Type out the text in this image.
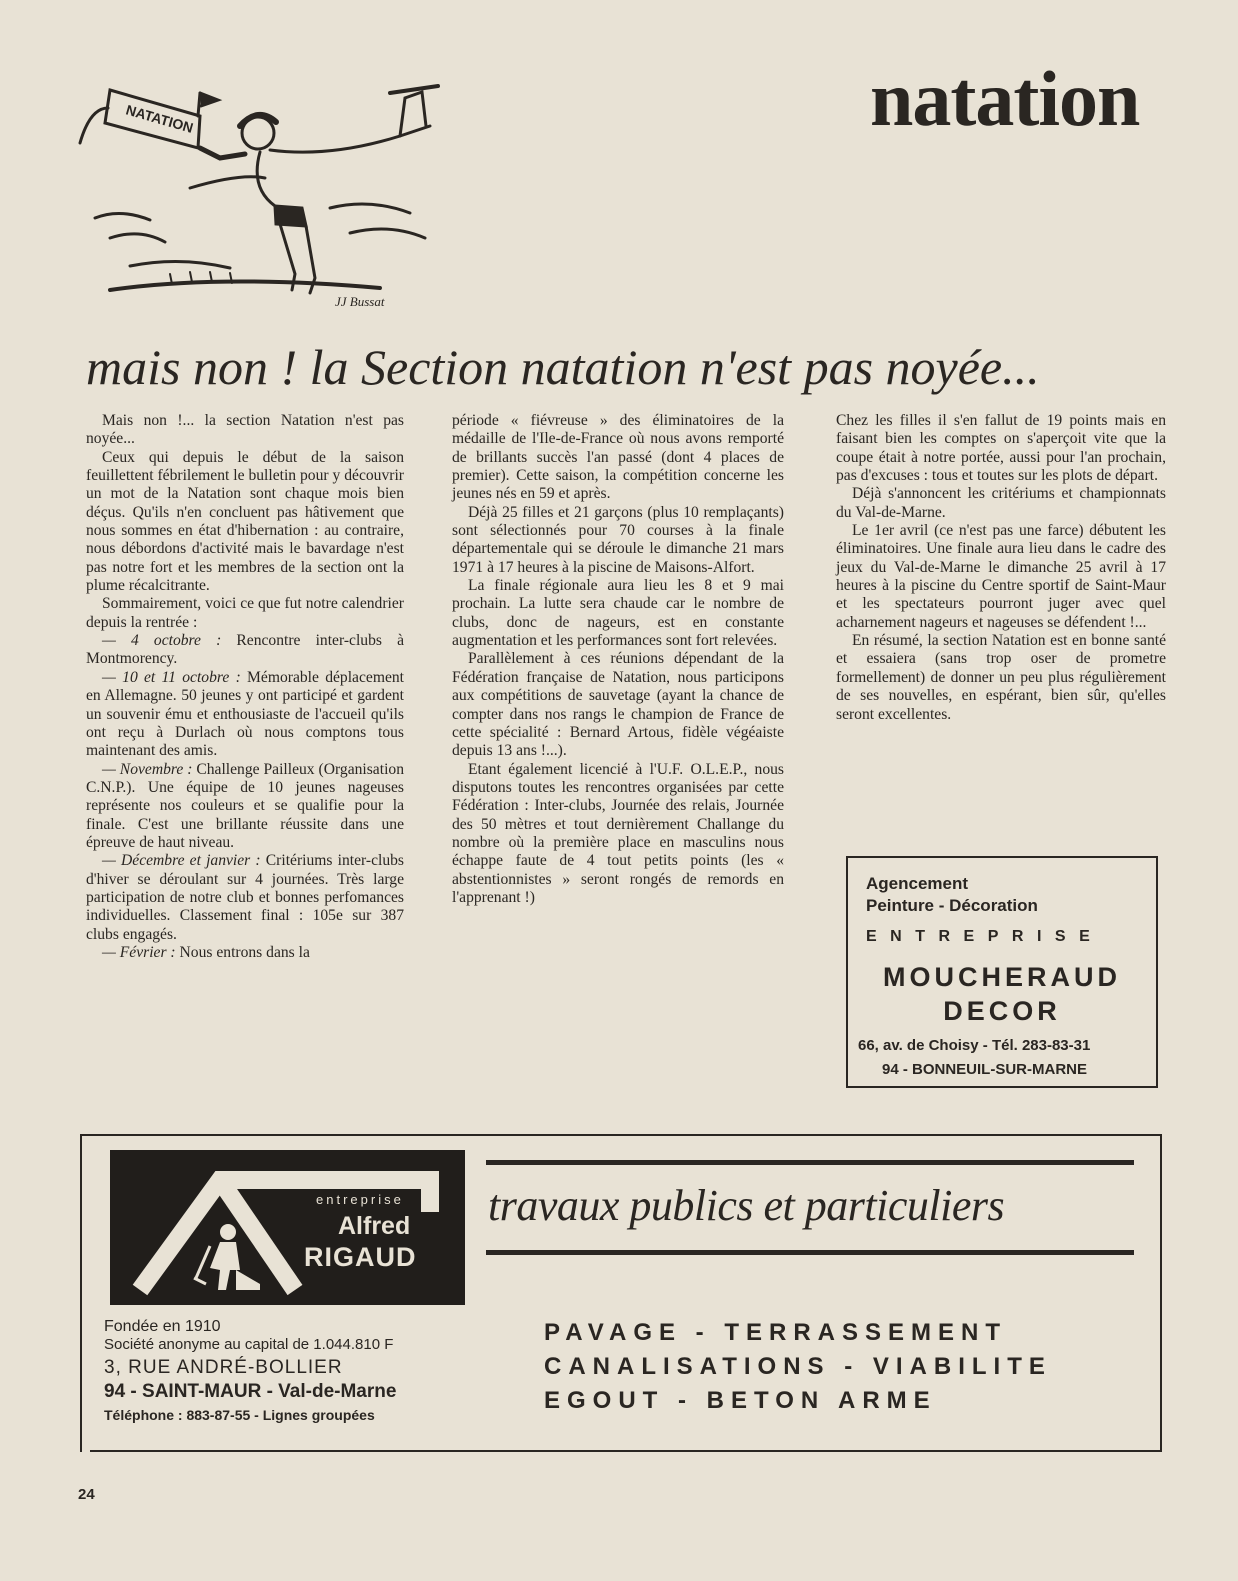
natation
NATATION
JJ Bussat
mais non ! la Section natation n'est pas noyée...

Mais non !... la section Natation n'est pas noyée...

Ceux qui depuis le début de la saison feuillettent fébrilement le bulletin pour y découvrir un mot de la Natation sont chaque mois bien déçus. Qu'ils n'en concluent pas hâtivement que nous sommes en état d'hibernation : au contraire, nous débordons d'activité mais le bavardage n'est pas notre fort et les membres de la section ont la plume récalcitrante.

Sommairement, voici ce que fut notre calendrier depuis la rentrée :

— 4 octobre : Rencontre inter-clubs à Montmorency.

— 10 et 11 octobre : Mémorable déplacement en Allemagne. 50 jeunes y ont participé et gardent un souvenir ému et enthousiaste de l'accueil qu'ils ont reçu à Durlach où nous comptons tous maintenant des amis.

— Novembre : Challenge Pailleux (Organisation C.N.P.). Une équipe de 10 jeunes nageuses représente nos couleurs et se qualifie pour la finale. C'est une brillante réussite dans une épreuve de haut niveau.

— Décembre et janvier : Critériums inter-clubs d'hiver se déroulant sur 4 journées. Très large participation de notre club et bonnes perfomances individuelles. Classement final : 105e sur 387 clubs engagés.

— Février : Nous entrons dans la

période « fiévreuse » des éliminatoires de la médaille de l'Ile-de-France où nous avons remporté de brillants succès l'an passé (dont 4 places de premier). Cette saison, la compétition concerne les jeunes nés en 59 et après.

Déjà 25 filles et 21 garçons (plus 10 remplaçants) sont sélectionnés pour 70 courses à la finale départementale qui se déroule le dimanche 21 mars 1971 à 17 heures à la piscine de Maisons-Alfort.

La finale régionale aura lieu les 8 et 9 mai prochain. La lutte sera chaude car le nombre de clubs, donc de nageurs, est en constante augmentation et les performances sont fort relevées.

Parallèlement à ces réunions dépendant de la Fédération française de Natation, nous participons aux compétitions de sauvetage (ayant la chance de compter dans nos rangs le champion de France de cette spécialité : Bernard Artous, fidèle végéaiste depuis 13 ans !...).

Etant également licencié à l'U.F. O.L.E.P., nous disputons toutes les rencontres organisées par cette Fédération : Inter-clubs, Journée des relais, Journée des 50 mètres et tout dernièrement Challange du nombre où la première place en masculins nous échappe faute de 4 tout petits points (les « abstentionnistes » seront rongés de remords en l'apprenant !)

Chez les filles il s'en fallut de 19 points mais en faisant bien les comptes on s'aperçoit vite que la coupe était à notre portée, aussi pour l'an prochain, pas d'excuses : tous et toutes sur les plots de départ.

Déjà s'annoncent les critériums et championnats du Val-de-Marne.

Le 1er avril (ce n'est pas une farce) débutent les éliminatoires. Une finale aura lieu dans le cadre des jeux du Val-de-Marne le dimanche 25 avril à 17 heures à la piscine du Centre sportif de Saint-Maur et les spectateurs pourront juger avec quel acharnement nageurs et nageuses se défendent !...

En résumé, la section Natation est en bonne santé et essaiera (sans trop oser de prometre formellement) de donner un peu plus régulièrement de ses nouvelles, en espérant, bien sûr, qu'elles seront excellentes.

Agencement
Peinture - Décoration
ENTREPRISE
MOUCHERAUD
DECOR
66, av. de Choisy - Tél. 283-83-31
94 - BONNEUIL-SUR-MARNE
entreprise
Alfred
RIGAUD
travaux publics et particuliers
Fondée en 1910
Société anonyme au capital de 1.044.810 F
3, RUE ANDRÉ-BOLLIER
94 - SAINT-MAUR - Val-de-Marne
Téléphone : 883-87-55 - Lignes groupées
PAVAGE - TERRASSEMENT
CANALISATIONS - VIABILITE
EGOUT - BETON ARME
24
